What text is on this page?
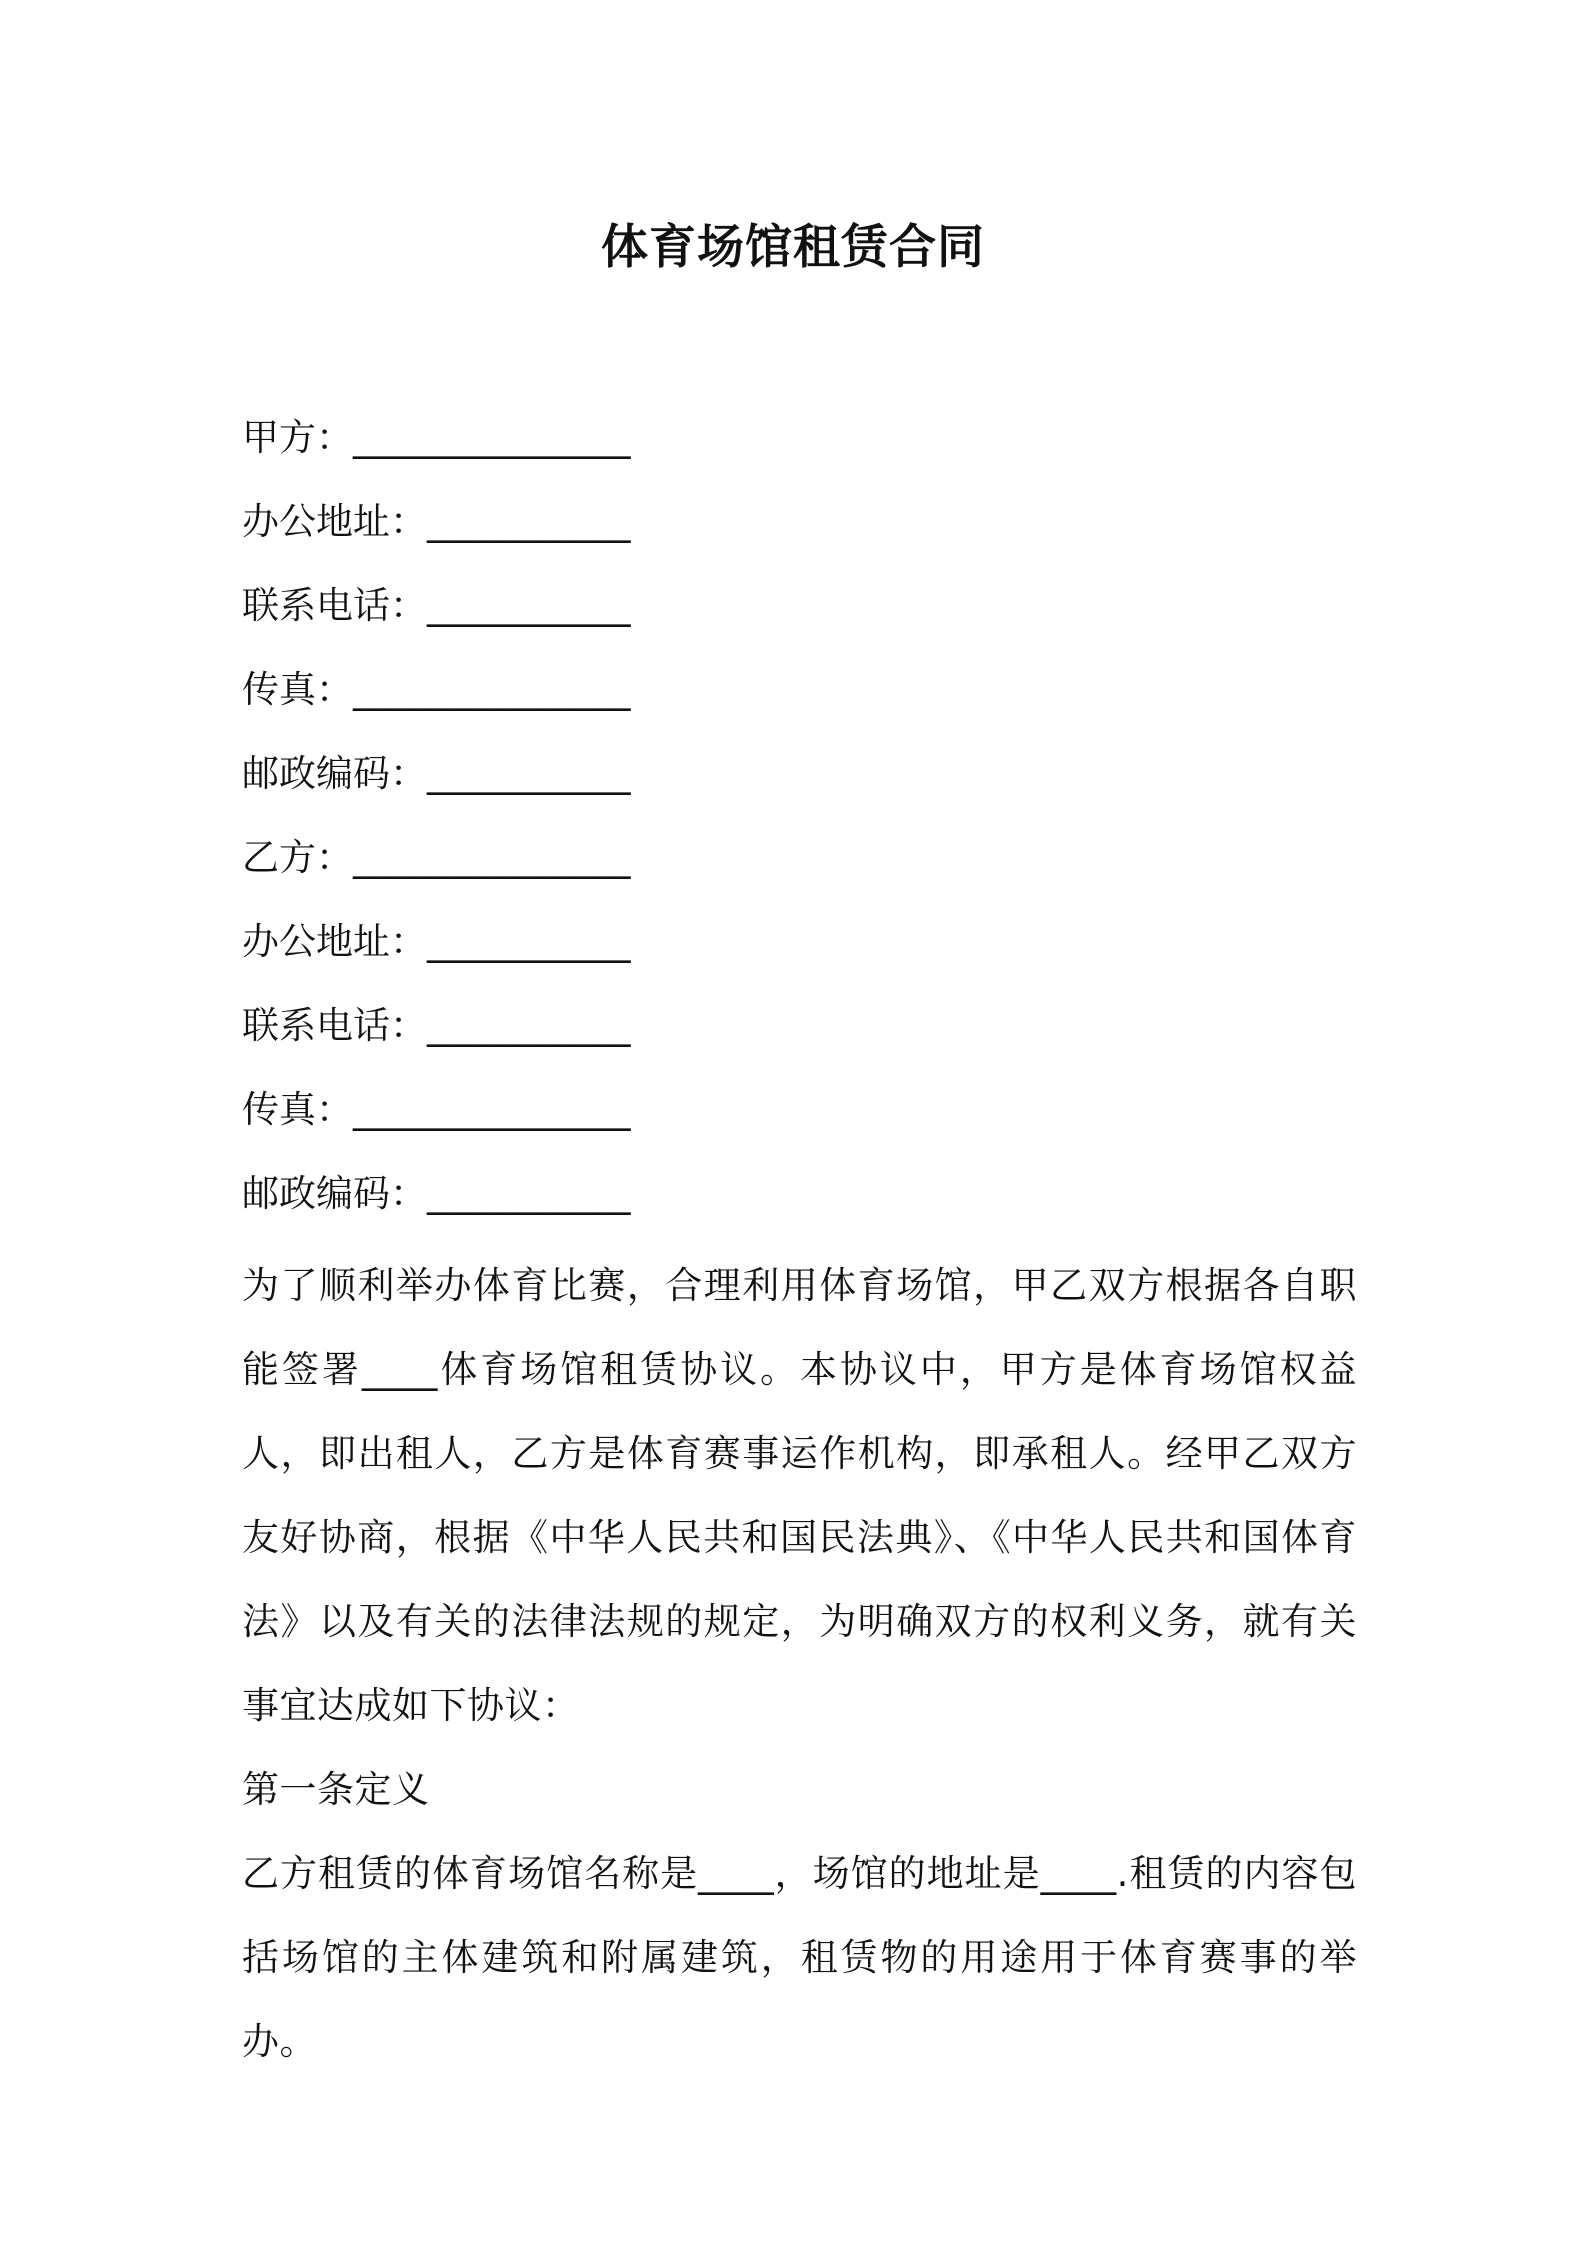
体育场馆租赁合同
甲方：_______________
办公地址：___________
联系电话：___________
传真：_______________
邮政编码：___________
乙方：_______________
办公地址：___________
联系电话：___________
传真：_______________
邮政编码：___________

为了顺利举办体育比赛，合理利用体育场馆，甲乙双方根据各自职能签署____体育场馆租赁协议。本协议中，甲方是体育场馆权益人，即出租人，乙方是体育赛事运作机构，即承租人。经甲乙双方友好协商，根据《中华人民共和国民法典》、《中华人民共和国体育法》以及有关的法律法规的规定，为明确双方的权利义务，就有关事宜达成如下协议：

第一条定义

乙方租赁的体育场馆名称是____，场馆的地址是____.租赁的内容包括场馆的主体建筑和附属建筑，租赁物的用途用于体育赛事的举办。
